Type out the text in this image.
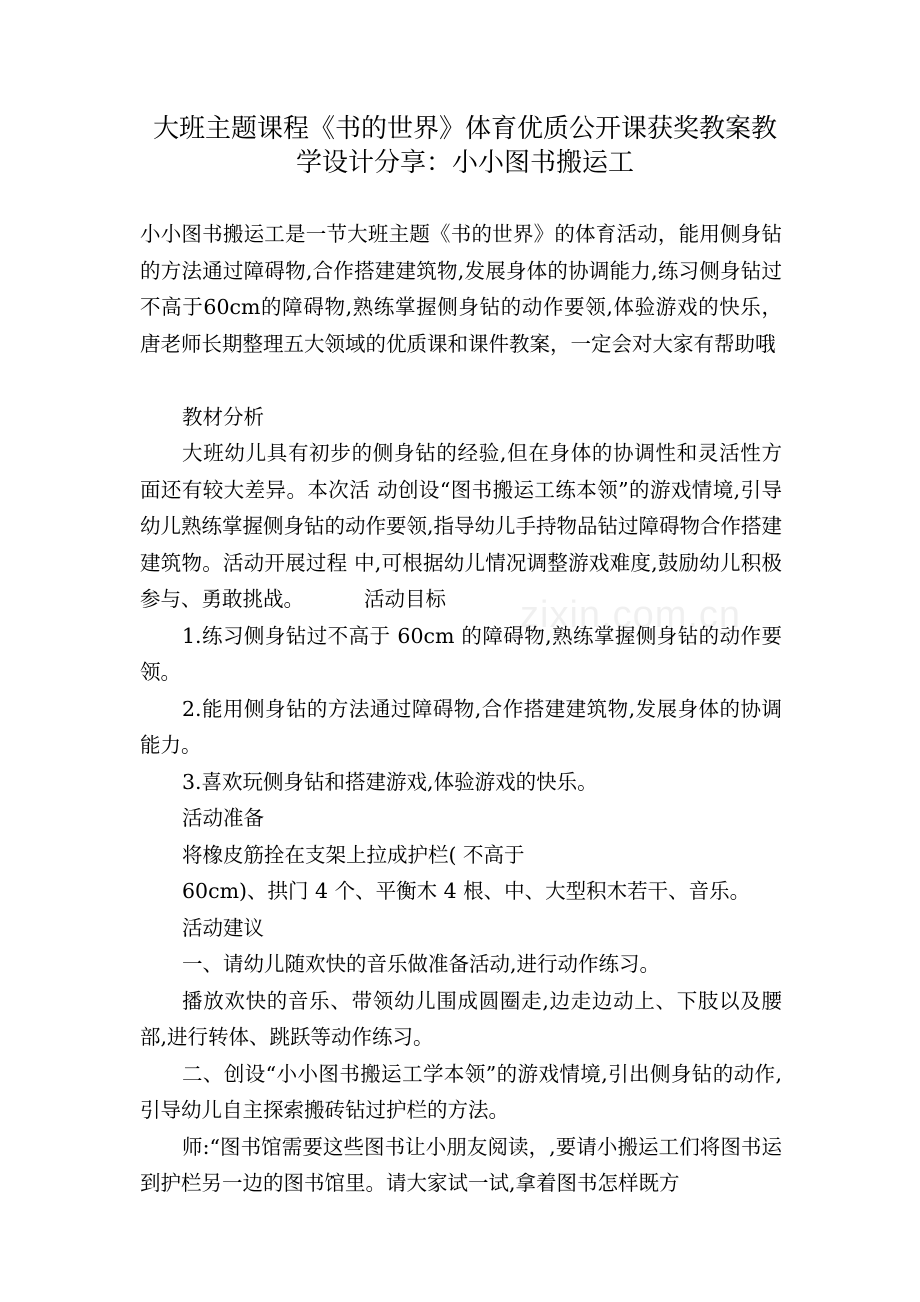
大班主题课程《书的世界》体育优质公开课获奖教案教
学设计分享：小小图书搬运工
zixin.com.cn

小小图书搬运工是一节大班主题《书的世界》的体育活动，能用侧身钻的方法通过障碍物,合作搭建建筑物,发展身体的协调能力,练习侧身钻过不高于60cm的障碍物,熟练掌握侧身钻的动作要领,体验游戏的快乐，唐老师长期整理五大领域的优质课和课件教案，一定会对大家有帮助哦

教材分析

大班幼儿具有初步的侧身钻的经验,但在身体的协调性和灵活性方面还有较大差异。本次活 动创设“图书搬运工练本领”的游戏情境,引导幼儿熟练掌握侧身钻的动作要领,指导幼儿手持物品钻过障碍物合作搭建建筑物。活动开展过程 中,可根据幼儿情况调整游戏难度,鼓励幼儿积极参与、勇敢挑战。	活动目标

1.练习侧身钻过不高于 60cm 的障碍物,熟练掌握侧身钻的动作要领。

2.能用侧身钻的方法通过障碍物,合作搭建建筑物,发展身体的协调能力。

3.喜欢玩侧身钻和搭建游戏,体验游戏的快乐。

活动准备

将橡皮筋拴在支架上拉成护栏( 不高于

60cm)、拱门 4 个、平衡木 4 根、中、大型积木若干、音乐。

活动建议

一、请幼儿随欢快的音乐做准备活动,进行动作练习。

播放欢快的音乐、带领幼儿围成圆圈走,边走边动上、下肢以及腰部,进行转体、跳跃等动作练习。

二、创设“小小图书搬运工学本领”的游戏情境,引出侧身钻的动作,引导幼儿自主探索搬砖钻过护栏的方法。

师:“图书馆需要这些图书让小朋友阅读，,要请小搬运工们将图书运到护栏另一边的图书馆里。请大家试一试,拿着图书怎样既方
